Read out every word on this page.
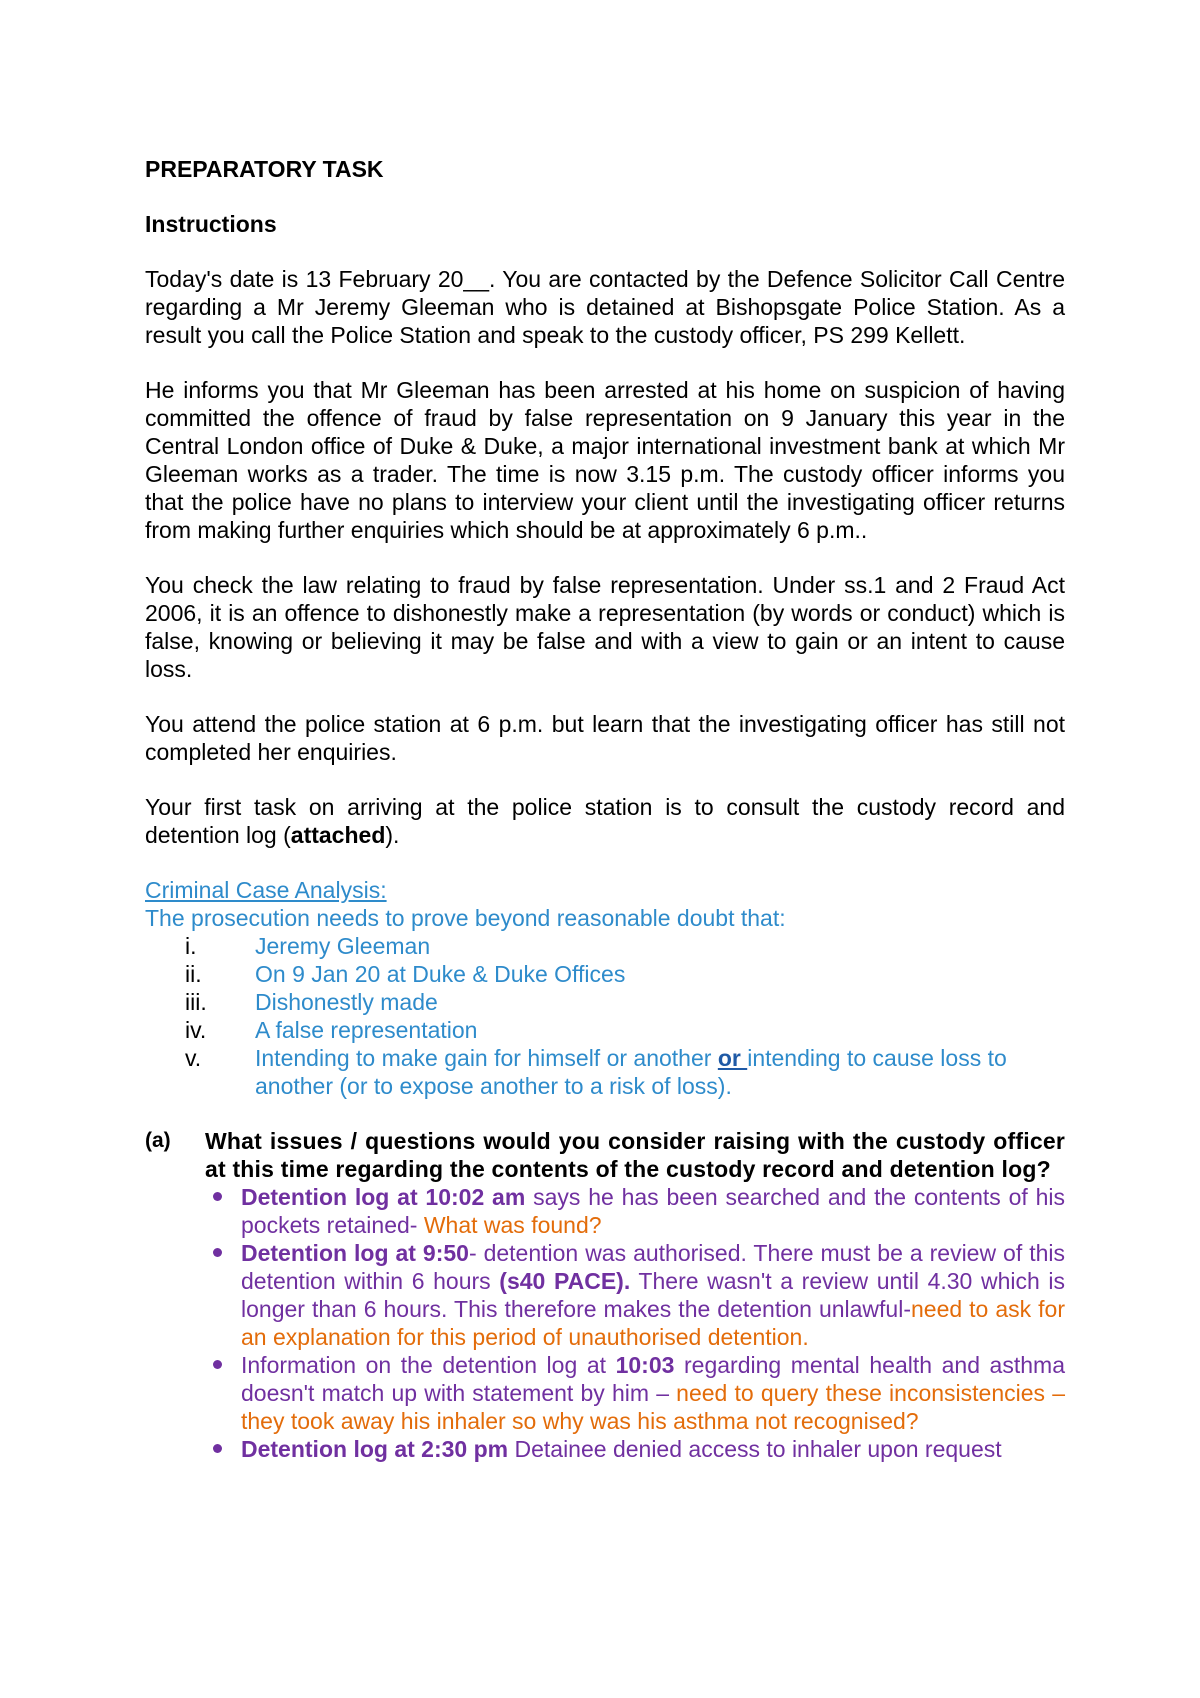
PREPARATORY TASK

Instructions

Today's date is 13 February 20__. You are contacted by the Defence Solicitor Call Centre regarding a Mr Jeremy Gleeman who is detained at Bishopsgate Police Station. As a result you call the Police Station and speak to the custody officer, PS 299 Kellett.

He informs you that Mr Gleeman has been arrested at his home on suspicion of having committed the offence of fraud by false representation on 9 January this year in the Central London office of Duke & Duke, a major international investment bank at which Mr Gleeman works as a trader. The time is now 3.15 p.m. The custody officer informs you that the police have no plans to interview your client until the investigating officer returns from making further enquiries which should be at approximately 6 p.m..

You check the law relating to fraud by false representation. Under ss.1 and 2 Fraud Act 2006, it is an offence to dishonestly make a representation (by words or conduct) which is false, knowing or believing it may be false and with a view to gain or an intent to cause loss.

You attend the police station at 6 p.m. but learn that the investigating officer has still not completed her enquiries.

Your first task on arriving at the police station is to consult the custody record and detention log (attached).

Criminal Case Analysis:

The prosecution needs to prove beyond reasonable doubt that:

i.	Jeremy Gleeman
ii.	On 9 Jan 20 at Duke & Duke Offices
iii.	Dishonestly made
iv.	A false representation
v.	Intending to make gain for himself or another or intending to cause loss to another (or to expose another to a risk of loss).
(a)	What issues / questions would you consider raising with the custody officer at this time regarding the contents of the custody record and detention log?
Detention log at 10:02 am says he has been searched and the contents of his pockets retained- What was found?
Detention log at 9:50- detention was authorised. There must be a review of this detention within 6 hours (s40 PACE). There wasn't a review until 4.30 which is longer than 6 hours. This therefore makes the detention unlawful-need to ask for an explanation for this period of unauthorised detention.
Information on the detention log at 10:03 regarding mental health and asthma doesn't match up with statement by him – need to query these inconsistencies – they took away his inhaler so why was his asthma not recognised?
Detention log at 2:30 pm Detainee denied access to inhaler upon request
